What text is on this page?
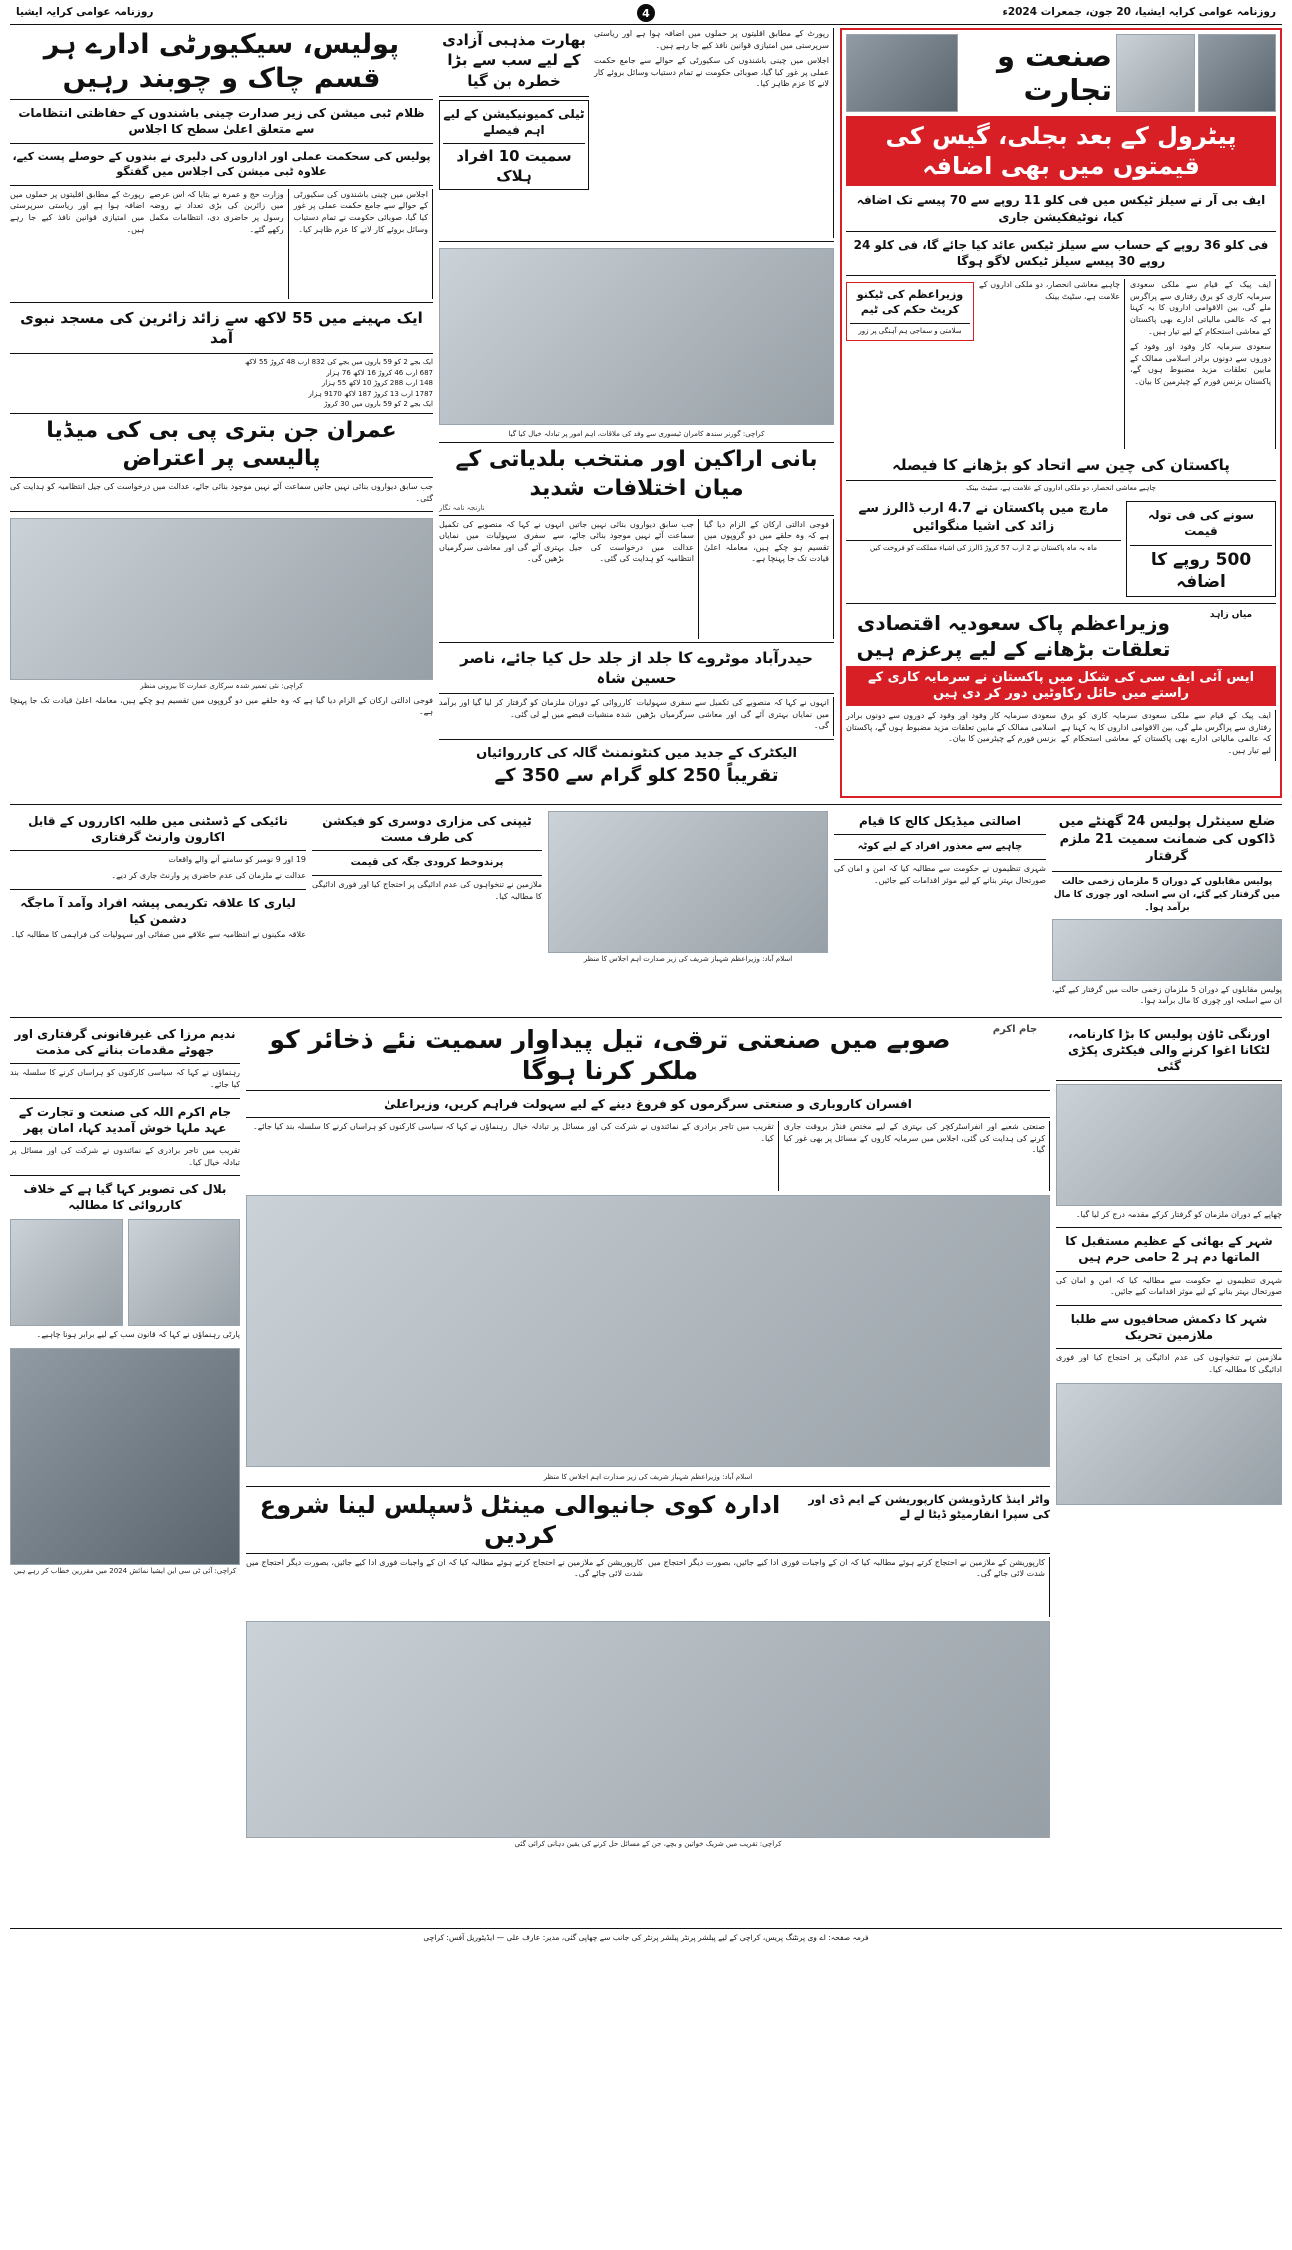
روزنامہ عوامی کرایہ ایشیا، 20 جون، جمعرات 2024ء
4
روزنامہ عوامی کرایہ ایشیا
صنعت و تجارت
پیٹرول کے بعد بجلی، گیس کی قیمتوں میں بھی اضافہ
ایف بی آر نے سیلز ٹیکس میں فی کلو 11 روپے سے 70 پیسے تک اضافہ کیا، نوٹیفکیشن جاری
فی کلو 36 روپے کے حساب سے سیلز ٹیکس عائد کیا جائے گا، فی کلو 24 روپے 30 پیسے سیلز ٹیکس لاگو ہوگا

ایف پیک کے قیام سے ملکی سعودی سرمایہ کاری کو برق رفتاری سے پراگرس ملے گی، بین الاقوامی اداروں کا یہ کہنا ہے کہ عالمی مالیاتی ادارے بھی پاکستان کے معاشی استحکام کے لیے تیار ہیں۔

سعودی سرمایہ کار وفود اور وفود کے دوروں سے دونوں برادر اسلامی ممالک کے مابین تعلقات مزید مضبوط ہوں گے، پاکستان بزنس فورم کے چیئرمین کا بیان۔

چاہیے معاشی انحصار، دو ملکی اداروں کے علامت ہے، سٹیٹ بینک

وزیراعظم کی ٹیکنو کریٹ حکم کی ٹیم
سلامتی و سماجی ہم آہنگی پر زور
پاکستان کی چین سے اتحاد کو بڑھانے کا فیصلہ
چاہیے معاشی انحصار، دو ملکی اداروں کے علامت ہے، سٹیٹ بینک
سونے کی فی تولہ قیمت
500 روپے کا اضافہ
مارچ میں پاکستان نے 4.7 ارب ڈالرز سے زائد کی اشیا منگوائیں
ماہ بہ ماہ پاکستان نے 2 ارب 57 کروڑ ڈالرز کی اشیاء مملکت کو فروخت کیں
میاں زاہد
وزیراعظم پاک سعودیہ اقتصادی تعلقات بڑھانے کے لیے پرعزم ہیں
ایس آئی ایف سی کی شکل میں پاکستان نے سرمایہ کاری کے راستے میں حائل رکاوٹیں دور کر دی ہیں

ایف پیک کے قیام سے ملکی سعودی سرمایہ کاری کو برق رفتاری سے پراگرس ملے گی، بین الاقوامی اداروں کا یہ کہنا ہے کہ عالمی مالیاتی ادارے بھی پاکستان کے معاشی استحکام کے لیے تیار ہیں۔

سعودی سرمایہ کار وفود اور وفود کے دوروں سے دونوں برادر اسلامی ممالک کے مابین تعلقات مزید مضبوط ہوں گے، پاکستان بزنس فورم کے چیئرمین کا بیان۔

رپورٹ کے مطابق اقلیتوں پر حملوں میں اضافہ ہوا ہے اور ریاستی سرپرستی میں امتیازی قوانین نافذ کیے جا رہے ہیں۔

اجلاس میں چینی باشندوں کی سکیورٹی کے حوالے سے جامع حکمت عملی پر غور کیا گیا، صوبائی حکومت نے تمام دستیاب وسائل بروئے کار لانے کا عزم ظاہر کیا۔

بھارت مذہبی آزادی کے لیے سب سے بڑا خطرہ بن گیا
ٹیلی کمیونیکیشن کے لیے اہم فیصلے
سمیت 10 افراد ہلاک
کراچی: گورنر سندھ کامران ٹیسوری سے وفد کی ملاقات، اہم امور پر تبادلہ خیال کیا گیا
بانی اراکین اور منتخب بلدیاتی کے میان اختلافات شدید
نارنجہ نامہ نگار

فوجی ادالتی ارکان کے الزام دیا گیا ہے کہ وہ حلقے میں دو گروپوں میں تقسیم ہو چکے ہیں، معاملہ اعلیٰ قیادت تک جا پہنچا ہے۔

جب سابق دیواروں بنائی نہیں جاتیں سماعت آئے نہیں موجود بنائی جائے، عدالت میں درخواست کی جیل انتظامیہ کو ہدایت کی گئی۔

انہوں نے کہا کہ منصوبے کی تکمیل سے سفری سہولیات میں نمایاں بہتری آئے گی اور معاشی سرگرمیاں بڑھیں گی۔

حیدرآباد موٹروے کا جلد از جلد حل کیا جائے، ناصر حسین شاہ

انہوں نے کہا کہ منصوبے کی تکمیل سے سفری سہولیات میں نمایاں بہتری آئے گی اور معاشی سرگرمیاں بڑھیں گی۔

کارروائی کے دوران ملزمان کو گرفتار کر لیا گیا اور برآمد شدہ منشیات قبضے میں لے لی گئی۔

الیکٹرک کے جدید میں کنٹونمنٹ گالہ کی کارروائیاں
تقریباً 250 کلو گرام سے 350 کے
پولیس، سیکیورٹی ادارے ہر قسم چاک و چوبند رہیں
ظلام ٹبی میشن کی زیر صدارت چینی باشندوں کے حفاظتی انتظامات سے متعلق اعلیٰ سطح کا اجلاس
پولیس کی سحکمت عملی اور اداروں کی دلیری نے بندوں کے حوصلے پست کیے، علاوہ ٹبی میشن کی اجلاس میں گفتگو

اجلاس میں چینی باشندوں کی سکیورٹی کے حوالے سے جامع حکمت عملی پر غور کیا گیا، صوبائی حکومت نے تمام دستیاب وسائل بروئے کار لانے کا عزم ظاہر کیا۔

وزارت حج و عمرہ نے بتایا کہ اس عرصے میں زائرین کی بڑی تعداد نے روضہ رسول پر حاضری دی، انتظامات مکمل رکھے گئے۔

رپورٹ کے مطابق اقلیتوں پر حملوں میں اضافہ ہوا ہے اور ریاستی سرپرستی میں امتیازی قوانین نافذ کیے جا رہے ہیں۔

ایک مہینے میں 55 لاکھ سے زائد زائرین کی مسجد نبوی آمد
ایک بجے 2 کو 59 باروں میں بجے کی 832 ارب 48 کروڑ 55 لاکھ
687 ارب 46 کروڑ 16 لاکھ 76 ہزار
148 ارب 288 کروڑ 10 لاکھ 55 ہزار
1787 ارب 13 کروڑ 187 لاکھ 9170 ہزار
ایک بجے 2 کو 59 باروں میں 30 کروڑ
عمران جن بتری پی بی کی میڈیا پالیسی پر اعتراض

جب سابق دیواروں بنائی نہیں جاتیں سماعت آئے نہیں موجود بنائی جائے، عدالت میں درخواست کی جیل انتظامیہ کو ہدایت کی گئی۔

کراچی: نئی تعمیر شدہ سرکاری عمارت کا بیرونی منظر

فوجی ادالتی ارکان کے الزام دیا گیا ہے کہ وہ حلقے میں دو گروپوں میں تقسیم ہو چکے ہیں، معاملہ اعلیٰ قیادت تک جا پہنچا ہے۔

ضلع سینٹرل پولیس 24 گھنٹے میں ڈاکوں کی ضمانت سمیت 21 ملزم گرفتار
پولیس مقابلوں کے دوران 5 ملزمان زخمی حالت میں گرفتار کیے گئے، ان سے اسلحہ اور چوری کا مال برآمد ہوا۔

پولیس مقابلوں کے دوران 5 ملزمان زخمی حالت میں گرفتار کیے گئے، ان سے اسلحہ اور چوری کا مال برآمد ہوا۔

اصالتی میڈیکل کالج کا قیام
چاہیے سے معذور افراد کے لیے کوٹہ

شہری تنظیموں نے حکومت سے مطالبہ کیا کہ امن و امان کی صورتحال بہتر بنانے کے لیے موثر اقدامات کیے جائیں۔

اسلام آباد: وزیراعظم شہباز شریف کی زیر صدارت اہم اجلاس کا منظر
ٹیپنی کی مزاری دوسری کو فیکشن کی طرف مست
پرندوخط کرودی جگہ کی قیمت

ملازمین نے تنخواہوں کی عدم ادائیگی پر احتجاج کیا اور فوری ادائیگی کا مطالبہ کیا۔

نائیکی کے ڈسٹنی میں طلبہ اکارروں کے قابل اکارون وارنٹ گرفتاری

19 اور 9 نومبر کو سامنے آنے والے واقعات

عدالت نے ملزمان کی عدم حاضری پر وارنٹ جاری کر دیے۔

لیاری کا علاقہ تکریمی پیشہ افراد وآمد آ ماجگہ دشمن کیا

علاقہ مکینوں نے انتظامیہ سے علاقے میں صفائی اور سہولیات کی فراہمی کا مطالبہ کیا۔

اورنگی ٹاؤن پولیس کا بڑا کارنامہ، لٹکانا اغوا کرنے والی فیکٹری پکڑی گئی

چھاپے کے دوران ملزمان کو گرفتار کرکے مقدمہ درج کر لیا گیا۔

شہر کے بھائی کے عظیم مستقبل کا الماتھا دم ہر 2 حامی حرم ہیں

شہری تنظیموں نے حکومت سے مطالبہ کیا کہ امن و امان کی صورتحال بہتر بنانے کے لیے موثر اقدامات کیے جائیں۔

شہر کا دکمش صحافیوں سے طلبا ملازمین تحریک

ملازمین نے تنخواہوں کی عدم ادائیگی پر احتجاج کیا اور فوری ادائیگی کا مطالبہ کیا۔

جام اکرم
صوبے میں صنعتی ترقی، تیل پیداوار سمیت نئے ذخائر کو ملکر کرنا ہوگا
افسران کاروباری و صنعتی سرگرموں کو فروغ دینے کے لیے سہولت فراہم کریں، وزیراعلیٰ

صنعتی شعبے اور انفراسٹرکچر کی بہتری کے لیے مختص فنڈز بروقت جاری کرنے کی ہدایت کی گئی، اجلاس میں سرمایہ کاروں کے مسائل پر بھی غور کیا گیا۔

تقریب میں تاجر برادری کے نمائندوں نے شرکت کی اور مسائل پر تبادلہ خیال کیا۔

رہنماؤں نے کہا کہ سیاسی کارکنوں کو ہراساں کرنے کا سلسلہ بند کیا جائے۔

اسلام آباد: وزیراعظم شہباز شریف کی زیر صدارت اہم اجلاس کا منظر
واٹر اینڈ کارڈویشن کارپوریشن کے ایم ڈی اور کی سپرا انفارمیٹو ڈیٹا لے لے
ادارہ کوی جانیوالی مینٹل ڈسپلس لینا شروع کردیں

کارپوریشن کے ملازمین نے احتجاج کرتے ہوئے مطالبہ کیا کہ ان کے واجبات فوری ادا کیے جائیں، بصورت دیگر احتجاج میں شدت لائی جائے گی۔

کارپوریشن کے ملازمین نے احتجاج کرتے ہوئے مطالبہ کیا کہ ان کے واجبات فوری ادا کیے جائیں، بصورت دیگر احتجاج میں شدت لائی جائے گی۔

کراچی: تقریب میں شریک خواتین و بچے، جن کے مسائل حل کرنے کی یقین دہانی کرائی گئی
ندیم مرزا کی غیرقانونی گرفتاری اور جھوٹے مقدمات بنانے کی مذمت

رہنماؤں نے کہا کہ سیاسی کارکنوں کو ہراساں کرنے کا سلسلہ بند کیا جائے۔

جام اکرم اللہ کی صنعت و تجارت کے عہد ملہا خوش آمدید کہا، امان پھر

تقریب میں تاجر برادری کے نمائندوں نے شرکت کی اور مسائل پر تبادلہ خیال کیا۔

بلال کی تصویر کہا گیا ہے کے خلاف کارروائی کا مطالبہ

پارٹی رہنماؤں نے کہا کہ قانون سب کے لیے برابر ہونا چاہیے۔

کراچی: آئی ٹی سی این ایشیا نمائش 2024 میں مقررین خطاب کر رہے ہیں
فرمہ صفحہ: اے وی پرنٹنگ پریس، کراچی کے لیے پبلشر پرنٹر پبلشر پرنٹر کی جانب سے چھاپی گئی، مدیر: عارف علی — ایڈیٹوریل آفس: کراچی
